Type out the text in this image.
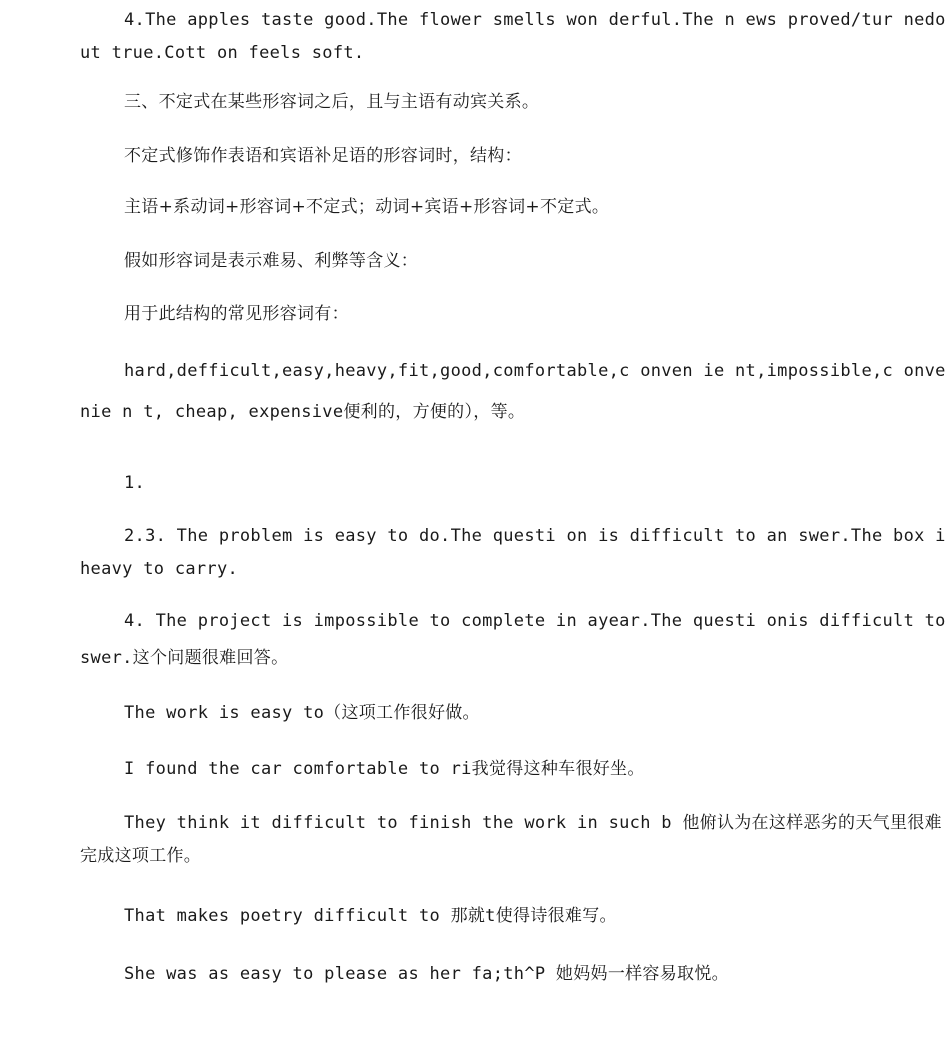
4.The apples taste good.The flower smells won derful.The n ews proved/tur nedout true.Cott on feels soft.

三、不定式在某些形容词之后，且与主语有动宾关系。

不定式修饰作表语和宾语补足语的形容词时，结构：

主语+系动词+形容词+不定式；动词+宾语+形容词+不定式。

假如形容词是表示难易、利弊等含义：

用于此结构的常见形容词有：

hard,defficult,easy,heavy,fit,good,comfortable,c onven ie nt,impossible,c onvenie n t, cheap, expensive便利的，方便的），等。

1.

2.3. The problem is easy to do.The questi on is difficult to an swer.The box iheavy to carry.

4. The project is impossible to complete in ayear.The questi onis difficult toswer.这个问题很难回答。

The work is easy to（这项工作很好做。

I found the car comfortable to ri我觉得这种车很好坐。

They think it difficult to finish the work in such b 他俯认为在这样恶劣的天气里很难完成这项工作。

That makes poetry difficult to 那就t使得诗很难写。

She was as easy to please as her fa;th^P 她妈妈一样容易取悦。
